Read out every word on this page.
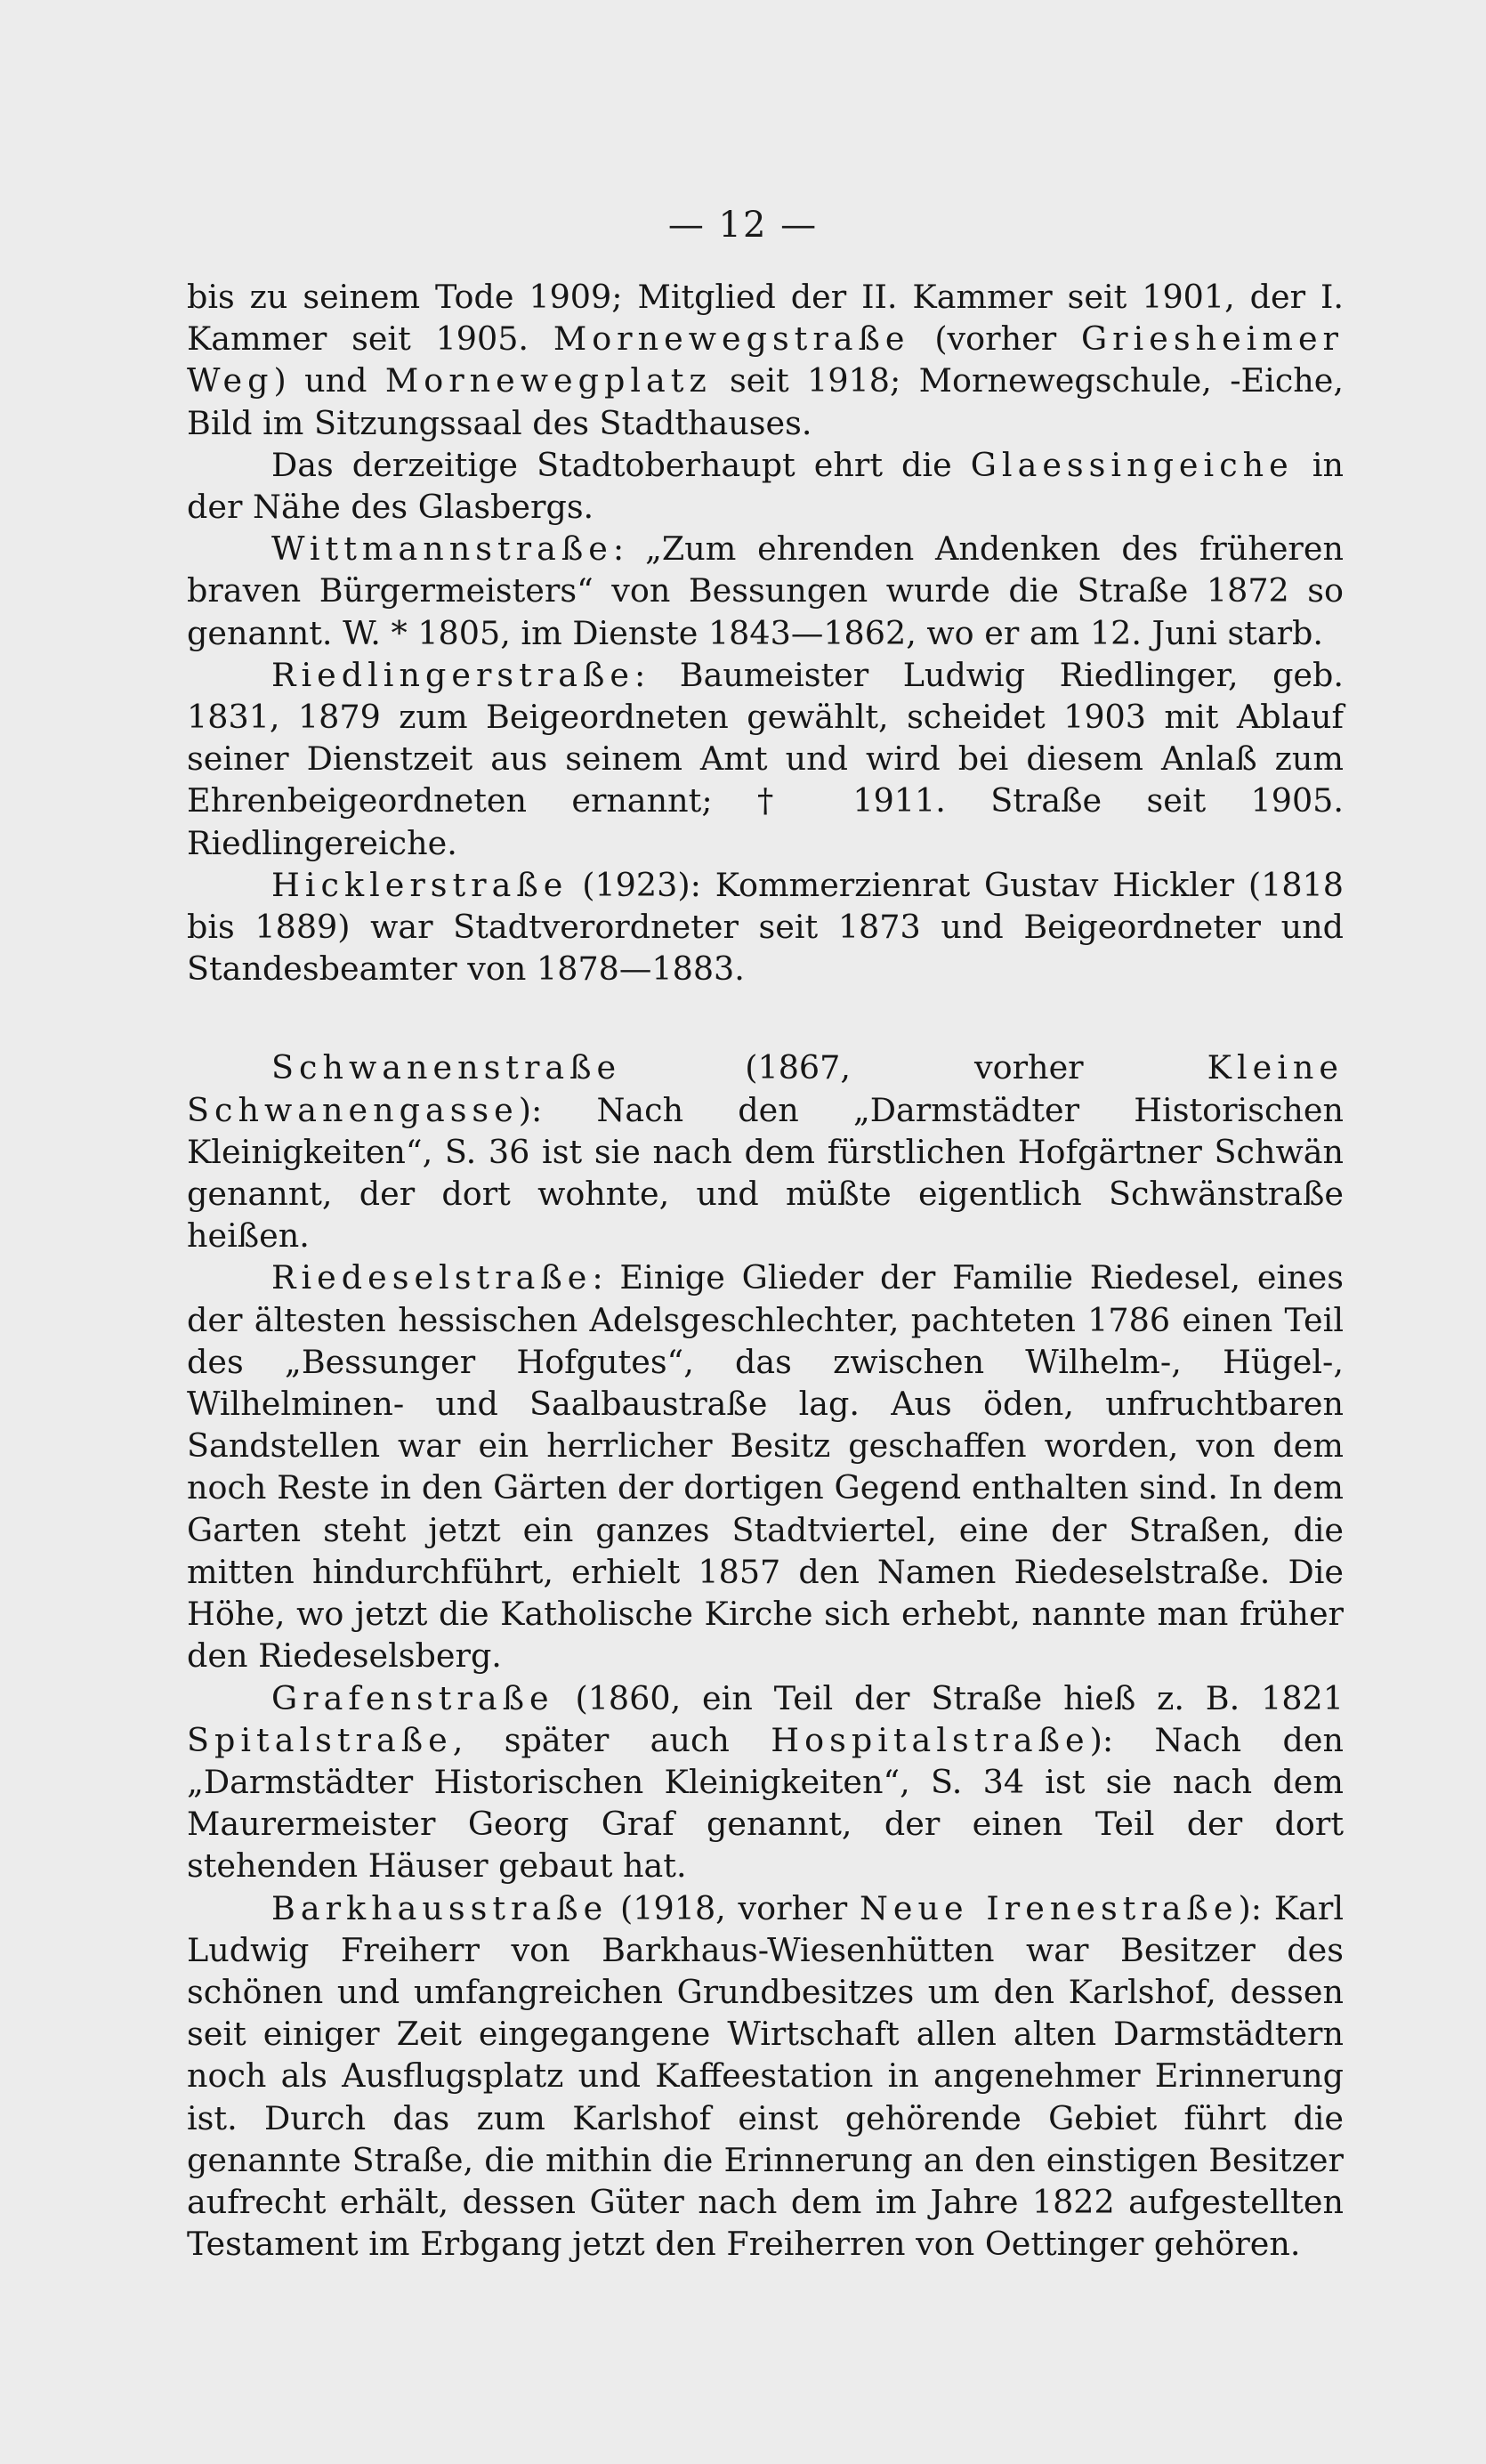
— 12 —

bis zu seinem Tode 1909; Mitglied der II. Kammer seit 1901, der I. Kammer seit 1905. Mornewegstraße (vorher Griesheimer Weg) und Mornewegplatz seit 1918; Mornewegschule, -Eiche, Bild im Sitzungssaal des Stadthauses.

Das derzeitige Stadtoberhaupt ehrt die Glaessingeiche in der Nähe des Glasbergs.

Wittmannstraße: „Zum ehrenden Andenken des früheren braven Bürgermeisters“ von Bessungen wurde die Straße 1872 so genannt. W. * 1805, im Dienste 1843—1862, wo er am 12. Juni starb.

Riedlingerstraße: Baumeister Ludwig Riedlinger, geb. 1831, 1879 zum Beigeordneten gewählt, scheidet 1903 mit Ablauf seiner Dienstzeit aus seinem Amt und wird bei diesem Anlaß zum Ehrenbeigeordneten ernannt; † 1911. Straße seit 1905. Riedlingereiche.

Hicklerstraße (1923): Kommerzienrat Gustav Hickler (1818 bis 1889) war Stadtverordneter seit 1873 und Beigeordneter und Standesbeamter von 1878—1883.

Schwanenstraße (1867, vorher Kleine Schwanengasse): Nach den „Darmstädter Historischen Kleinigkeiten“, S. 36 ist sie nach dem fürstlichen Hofgärtner Schwän genannt, der dort wohnte, und müßte eigentlich Schwänstraße heißen.

Riedeselstraße: Einige Glieder der Familie Riedesel, eines der ältesten hessischen Adelsgeschlechter, pachteten 1786 einen Teil des „Bessunger Hofgutes“, das zwischen Wilhelm-, Hügel-, Wilhelminen- und Saalbaustraße lag. Aus öden, unfruchtbaren Sandstellen war ein herrlicher Besitz geschaffen worden, von dem noch Reste in den Gärten der dortigen Gegend enthalten sind. In dem Garten steht jetzt ein ganzes Stadtviertel, eine der Straßen, die mitten hindurchführt, erhielt 1857 den Namen Riedeselstraße. Die Höhe, wo jetzt die Katholische Kirche sich erhebt, nannte man früher den Riedeselsberg.

Grafenstraße (1860, ein Teil der Straße hieß z. B. 1821 Spitalstraße, später auch Hospitalstraße): Nach den „Darmstädter Historischen Kleinigkeiten“, S. 34 ist sie nach dem Maurermeister Georg Graf genannt, der einen Teil der dort stehenden Häuser gebaut hat.

Barkhausstraße (1918, vorher Neue Irenestraße): Karl Ludwig Freiherr von Barkhaus-Wiesenhütten war Besitzer des schönen und umfangreichen Grundbesitzes um den Karlshof, dessen seit einiger Zeit eingegangene Wirtschaft allen alten Darmstädtern noch als Ausflugsplatz und Kaffeestation in angenehmer Erinnerung ist. Durch das zum Karlshof einst gehörende Gebiet führt die genannte Straße, die mithin die Erinnerung an den einstigen Besitzer aufrecht erhält, dessen Güter nach dem im Jahre 1822 aufgestellten Testament im Erbgang jetzt den Freiherren von Oettinger gehören.
